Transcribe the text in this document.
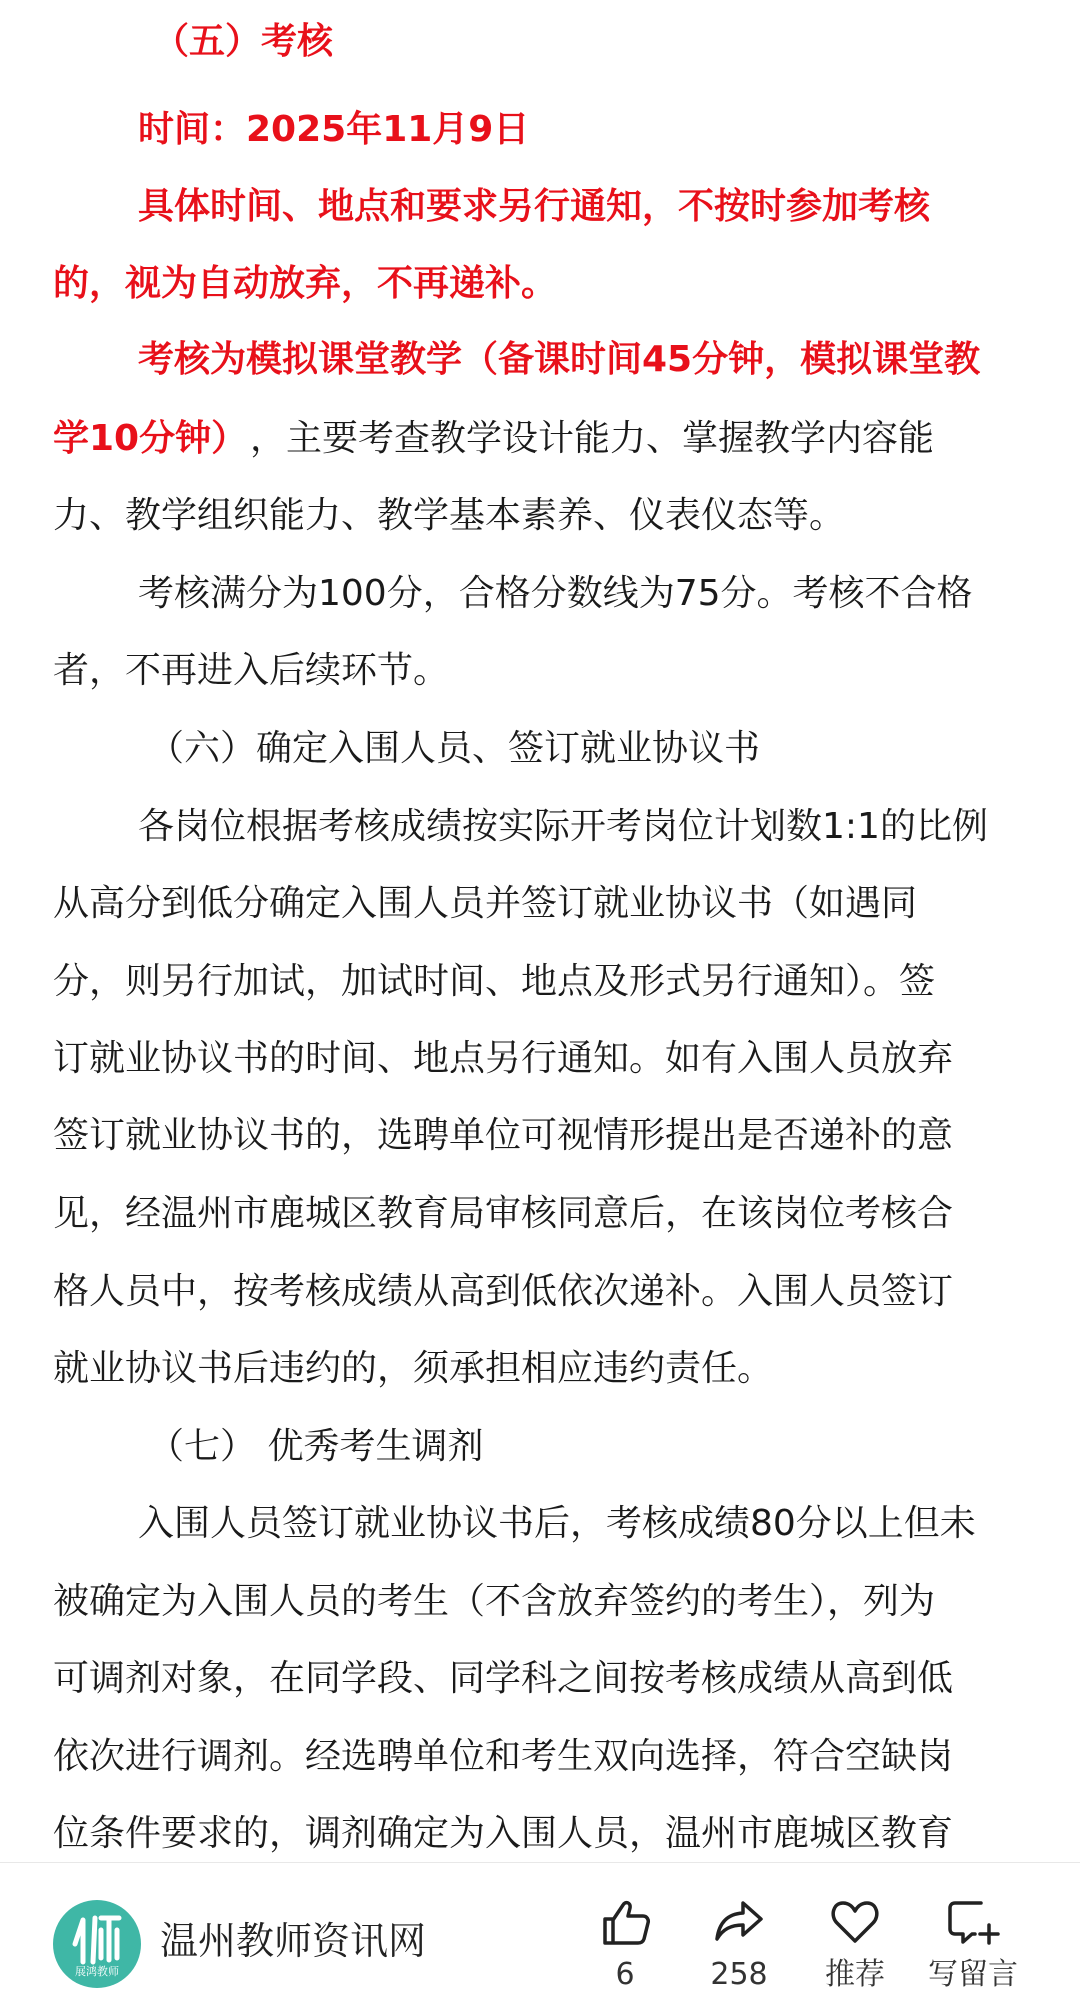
（五）考核
时间：2025年11月9日
具体时间、地点和要求另行通知，不按时参加考核
的，视为自动放弃，不再递补。
考核为模拟课堂教学（备课时间45分钟，模拟课堂教
学10分钟） ，主要考查教学设计能力、掌握教学内容能
力、教学组织能力、教学基本素养、仪表仪态等。
考核满分为100分，合格分数线为75分。考核不合格
者，不再进入后续环节。
（六）确定入围人员、签订就业协议书
各岗位根据考核成绩按实际开考岗位计划数1:1的比例
从高分到低分确定入围人员并签订就业协议书（如遇同
分，则另行加试，加试时间、地点及形式另行通知）。签
订就业协议书的时间、地点另行通知。如有入围人员放弃
签订就业协议书的，选聘单位可视情形提出是否递补的意
见，经温州市鹿城区教育局审核同意后，在该岗位考核合
格人员中，按考核成绩从高到低依次递补。入围人员签订
就业协议书后违约的，须承担相应违约责任。
（七） 优秀考生调剂
入围人员签订就业协议书后，考核成绩80分以上但未
被确定为入围人员的考生（不含放弃签约的考生），列为
可调剂对象，在同学段、同学科之间按考核成绩从高到低
依次进行调剂。经选聘单位和考生双向选择，符合空缺岗
位条件要求的，调剂确定为入围人员，温州市鹿城区教育
展鸿教师
温州教师资讯网
6	258	推荐	写留言
